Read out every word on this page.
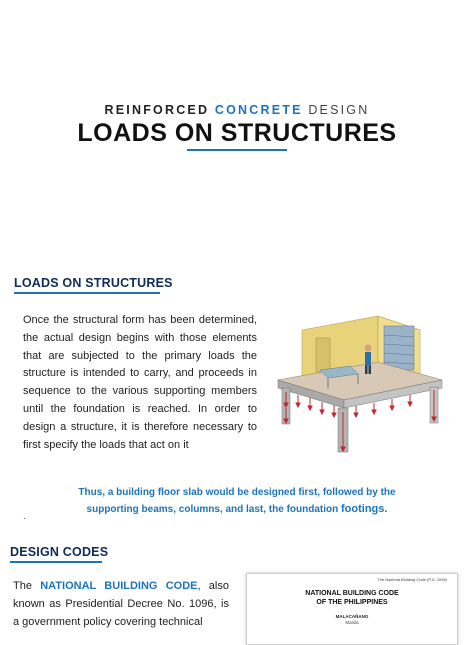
REINFORCED CONCRETE DESIGN
LOADS ON STRUCTURES
LOADS ON STRUCTURES
Once the structural form has been determined, the actual design begins with those elements that are subjected to the primary loads the structure is intended to carry, and proceeds in sequence to the various supporting members until the foundation is reached. In order to design a structure, it is therefore necessary to first specify the loads that act on it
Thus, a building floor slab would be designed first, followed by the
supporting beams, columns, and last, the foundation footings.
.
DESIGN CODES
The NATIONAL BUILDING CODE, also known as Presidential Decree No. 1096, is a government policy covering technical
The National Building Code (P.D. 1096)
NATIONAL BUILDING CODE
OF THE PHILIPPINES
MALACAÑANG
Manila
